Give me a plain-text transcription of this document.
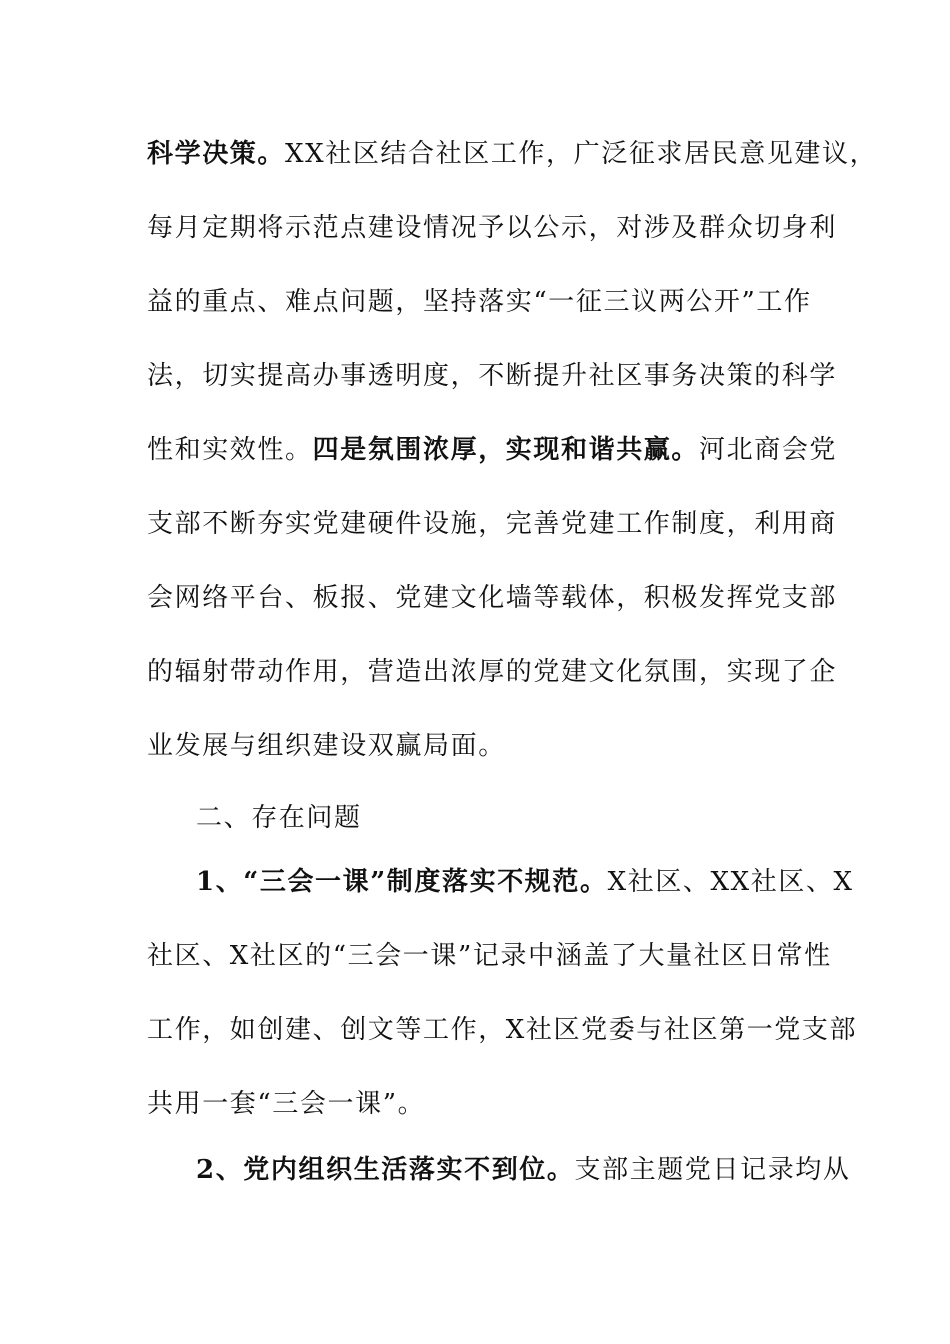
科学决策。XX社区结合社区工作，广泛征求居民意见建议，
每月定期将示范点建设情况予以公示，对涉及群众切身利
益的重点、难点问题，坚持落实“一征三议两公开”工作
法，切实提高办事透明度，不断提升社区事务决策的科学
性和实效性。四是氛围浓厚，实现和谐共赢。河北商会党
支部不断夯实党建硬件设施，完善党建工作制度，利用商
会网络平台、板报、党建文化墙等载体，积极发挥党支部
的辐射带动作用，营造出浓厚的党建文化氛围，实现了企
业发展与组织建设双赢局面。
二、存在问题
1、“三会一课”制度落实不规范。X社区、XX社区、X
社区、X社区的“三会一课”记录中涵盖了大量社区日常性
工作，如创建、创文等工作，X社区党委与社区第一党支部
共用一套“三会一课”。
2、党内组织生活落实不到位。支部主题党日记录均从
